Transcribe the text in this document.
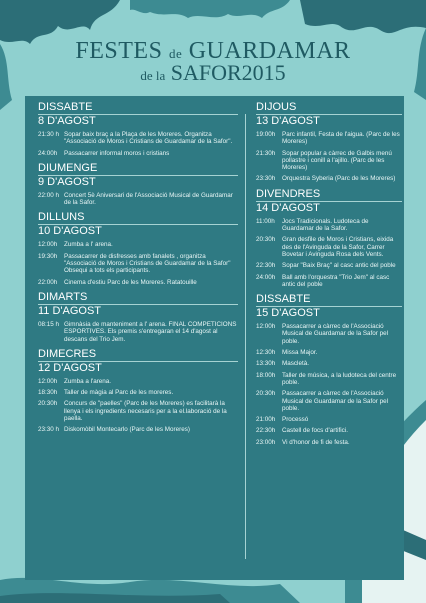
FESTES de GUARDAMAR
de la SAFOR2015
DISSABTE
8 D'AGOST
21:30 h Sopar baix braç a la Plaça de les Moreres. Organitza "Associació de Moros i Cristians de Guardamar de la Safor".
24:00h	Passacarrer informal moros i cristians
DIUMENGE
9 D'AGOST
22:00 h Concert 5è Aniversari de l'Associació Musical de Guardamar de la Safor.
DILLUNS
10 D'AGOST
12:00h	Zumba a l' arena.
19:30h	Passacarrer de disfresses amb fanalets , organitza "Associació de Moros i Cristians de Guardamar de la Safor" Obsequi a tots els participants.
22:00h	Cinema d'estiu Parc de les Moreres. Ratatouille
DIMARTS
11 D'AGOST
08:15 h Gimnàsia de manteniment a l' arena. FINAL COMPETICIONS ESPORTIVES. Els premis s'entregaran el 14 d'agost al descans del Trio Jem.
DIMECRES
12 D'AGOST
12:00h	Zumba a l'arena.
18:30h	Taller de màgia al Parc de les moreres.
20:30h	Concurs de "paelles" (Parc de les Moreres) es facilitarà la llenya i els ingredients necesaris per a la el.laboració de la paella.
23:30 h Diskomòbil Montecarlo (Parc de les Moreres)
DIJOUS
13 D'AGOST
19:00h	Parc infantil, Festa de l'aigua. (Parc de les Moreres)
21:30h	Sopar popular a càrrec de Galbis menú pollastre i conill a l'ajillo. (Parc de les Moreres)
23:30h	Orquestra Syberia (Parc de les Moreres)
DIVENDRES
14 D'AGOST
11:00h	Jocs Tradicionals. Ludoteca de Guardamar de la Safor.
20:30h	Gran desfile de Moros i Cristians, eixida des de l'Avinguda de la Safor, Carrer Bovetar i Avinguda Rosa dels Vents.
22:30h	Sopar "Baix Braç" al casc antic del poble
24:00h	Ball amb l'orquestra "Trio Jem" al casc antic del poble
DISSABTE
15 D'AGOST
12:00h	Passacarrer a càrrec de l'Associació Musical de Guardamar de la Safor pel poble.
12:30h	Missa Major.
13:30h	Mascletà.
18:00h	Taller de música, a la ludoteca del centre poble.
20:30h	Passacarrer a càrrec de l'Associació Musical de Guardamar de la Safor pel poble.
21:00h	Processó
22:30h	Castell de focs d'artifici.
23:00h	Vi d'honor de fi de festa.
